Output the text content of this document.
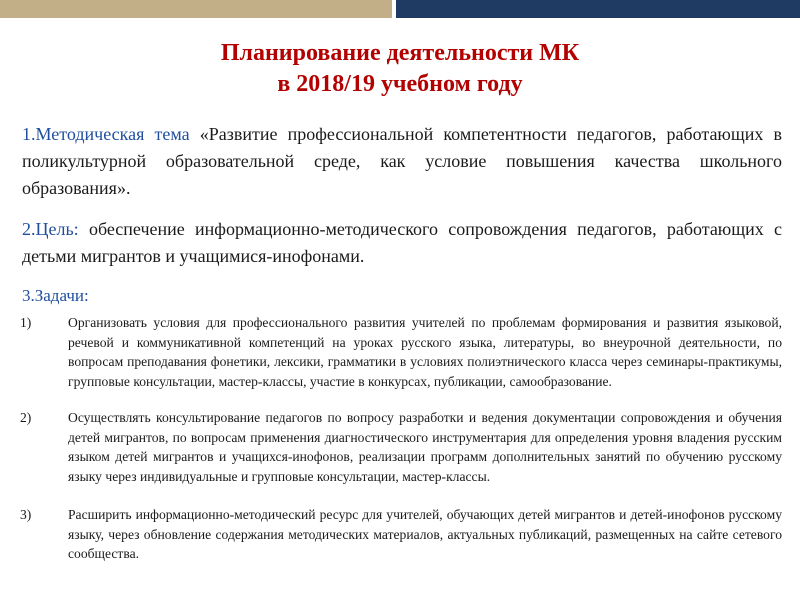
Планирование деятельности МК
в 2018/19 учебном году
1.Методическая тема «Развитие профессиональной компетентности педагогов, работающих в поликультурной образовательной среде, как условие повышения качества школьного образования».
2.Цель: обеспечение информационно-методического сопровождения педагогов, работающих с детьми мигрантов и учащимися-инофонами.
3.Задачи:
1)	Организовать условия для профессионального развития учителей по проблемам формирования и развития языковой, речевой и коммуникативной компетенций на уроках русского языка, литературы, во внеурочной деятельности, по вопросам преподавания фонетики, лексики, грамматики в условиях полиэтнического класса через семинары-практикумы, групповые консультации, мастер-классы, участие в конкурсах, публикации, самообразование.
2)	Осуществлять консультирование педагогов по вопросу разработки и ведения документации сопровождения и обучения детей мигрантов, по вопросам применения диагностического инструментария для определения уровня владения русским языком детей мигрантов и учащихся-инофонов, реализации программ дополнительных занятий по обучению русскому языку через индивидуальные и групповые консультации, мастер-классы.
3)	Расширить информационно-методический ресурс для учителей, обучающих детей мигрантов и детей-инофонов русскому языку, через обновление содержания методических материалов, актуальных публикаций, размещенных на сайте сетевого сообщества.
